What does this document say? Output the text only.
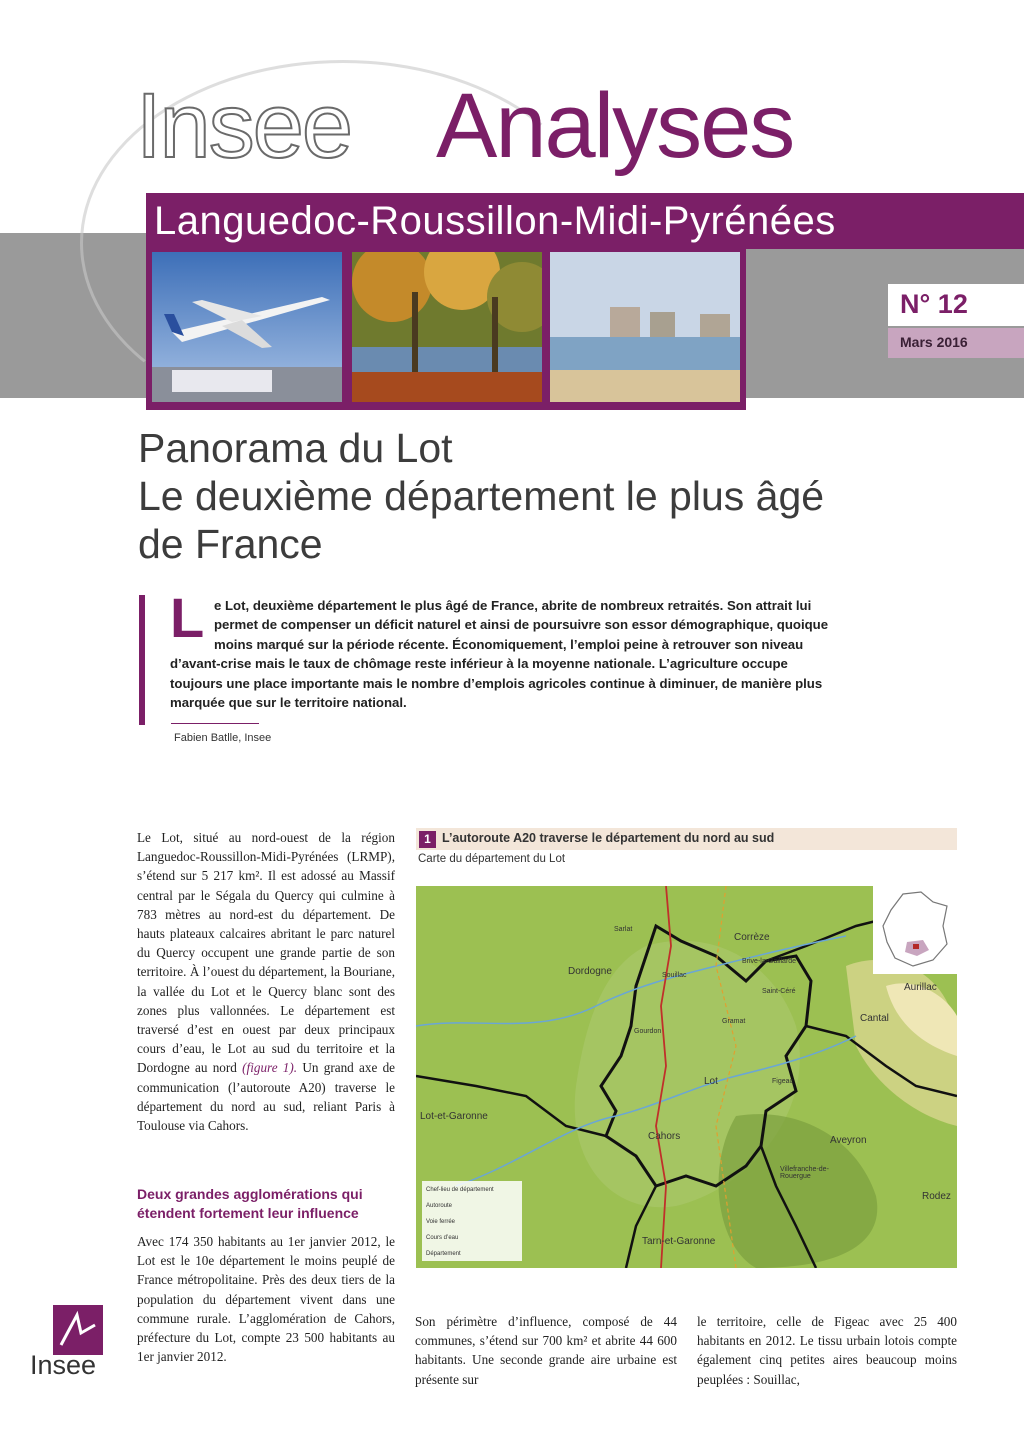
Insee Analyses
Languedoc-Roussillon-Midi-Pyrénées
N° 12
Mars 2016
Panorama du Lot
Le deuxième département le plus âgé
de France
L e Lot, deuxième département le plus âgé de France, abrite de nombreux retraités. Son attrait lui
permet de compenser un déficit naturel et ainsi de poursuivre son essor démographique, quoique
moins marqué sur la période récente. Économiquement, l’emploi peine à retrouver son niveau
d’avant-crise mais le taux de chômage reste inférieur à la moyenne nationale. L’agriculture occupe
toujours une place importante mais le nombre d’emplois agricoles continue à diminuer, de manière plus
marquée que sur le territoire national.
Fabien Batlle, Insee
Le Lot, situé au nord-ouest de la région Languedoc-Roussillon-Midi-Pyrénées (LRMP), s’étend sur 5 217 km². Il est adossé au Massif central par le Ségala du Quercy qui culmine à 783 mètres au nord-est du département. De hauts plateaux calcaires abritant le parc naturel du Quercy occupent une grande partie de son territoire. À l’ouest du département, la Bouriane, la vallée du Lot et le Quercy blanc sont des zones plus vallonnées. Le département est traversé d’est en ouest par deux principaux cours d’eau, le Lot au sud du territoire et la Dordogne au nord (figure 1). Un grand axe de communication (l’autoroute A20) traverse le département du nord au sud, reliant Paris à Toulouse via Cahors.
Deux grandes agglomérations qui étendent fortement leur influence
Avec 174 350 habitants au 1er janvier 2012, le Lot est le 10e département le moins peuplé de France métropolitaine. Près des deux tiers de la population du département vivent dans une commune rurale. L’agglomération de Cahors, préfecture du Lot, compte 23 500 habitants au 1er janvier 2012.
1 L’autoroute A20 traverse le département du nord au sud
Carte du département du Lot
Dordogne
Corrèze
Lot
Lot-et-Garonne
Cahors	Aveyron
Cantal
Aurillac
Rodez
Tarn-et-Garonne
Figeac
Gourdon
Brive-la-Gaillarde
Villefranche-de-Rouergue
Sarlat
Souillac
Saint-Céré
Gramat
Chef-lieu de département
Autoroute
Voie ferrée
Cours d’eau
Département
Son périmètre d’influence, composé de 44 communes, s’étend sur 700 km² et abrite 44 600 habitants. Une seconde grande aire urbaine est présente sur
le territoire, celle de Figeac avec 25 400 habitants en 2012. Le tissu urbain lotois compte également cinq petites aires beaucoup moins peuplées : Souillac,
Insee
